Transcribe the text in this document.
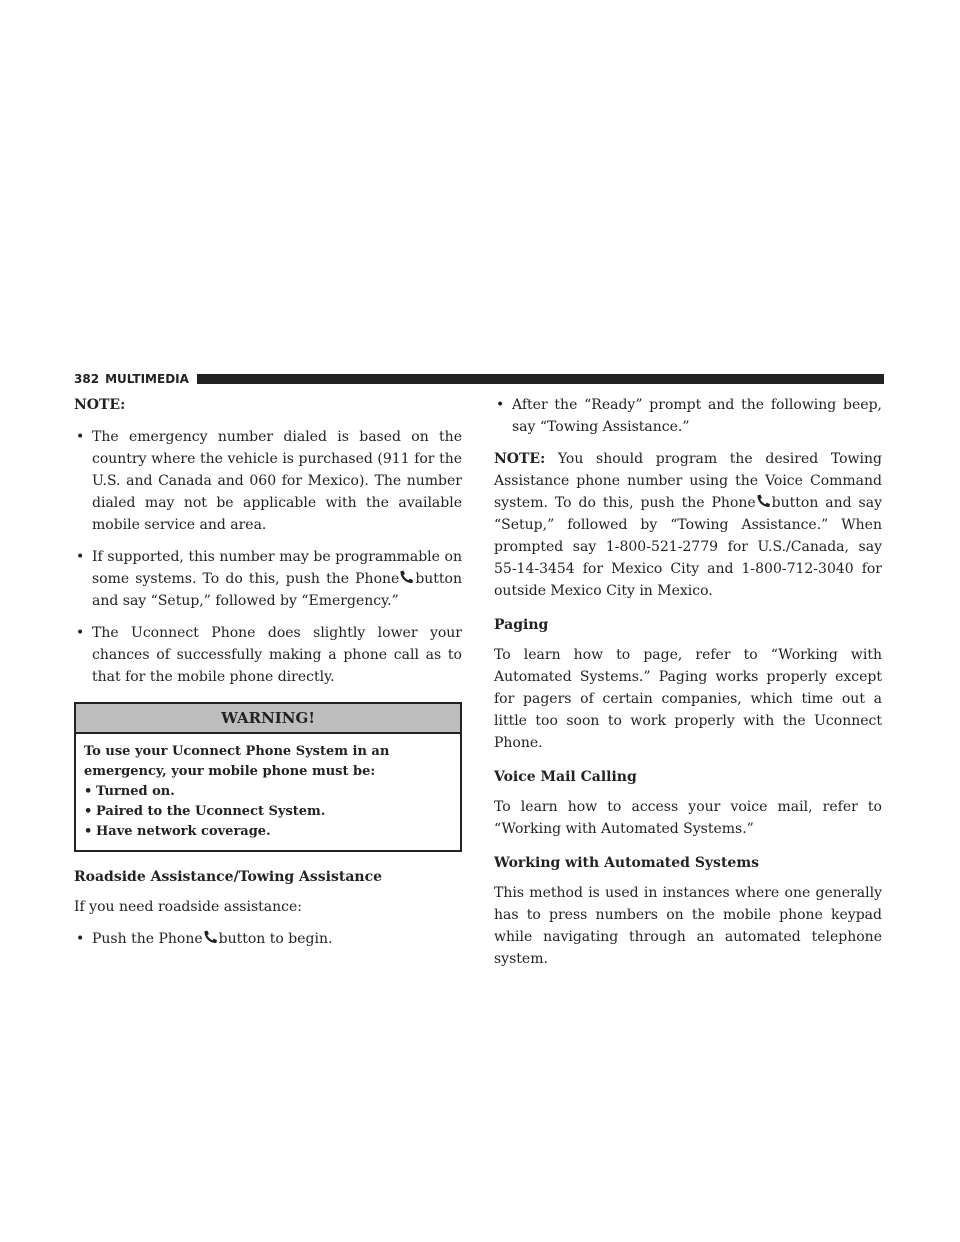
382 MULTIMEDIA

NOTE:

• The emergency number dialed is based on the country where the vehicle is purchased (911 for the U.S. and Canada and 060 for Mexico). The number dialed may not be applicable with the available mobile service and area.
• If supported, this number may be programmable on some systems. To do this, push the Phone button and say “Setup,” followed by “Emergency.”
• The Uconnect Phone does slightly lower your chances of successfully making a phone call as to that for the mobile phone directly.
WARNING!
To use your Uconnect Phone System in an emergency, your mobile phone must be:
• Turned on.
• Paired to the Uconnect System.
• Have network coverage.
Roadside Assistance/Towing Assistance

If you need roadside assistance:

• Push the Phone button to begin.
• After the “Ready” prompt and the following beep, say “Towing Assistance.”

NOTE: You should program the desired Towing Assistance phone number using the Voice Command system. To do this, push the Phone button and say “Setup,” followed by “Towing Assistance.” When prompted say 1-800-521-2779 for U.S./Canada, say 55-14-3454 for Mexico City and 1-800-712-3040 for outside Mexico City in Mexico.

Paging

To learn how to page, refer to “Working with Automated Systems.” Paging works properly except for pagers of certain companies, which time out a little too soon to work properly with the Uconnect Phone.

Voice Mail Calling

To learn how to access your voice mail, refer to “Working with Automated Systems.”

Working with Automated Systems

This method is used in instances where one generally has to press numbers on the mobile phone keypad while navigating through an automated telephone system.
